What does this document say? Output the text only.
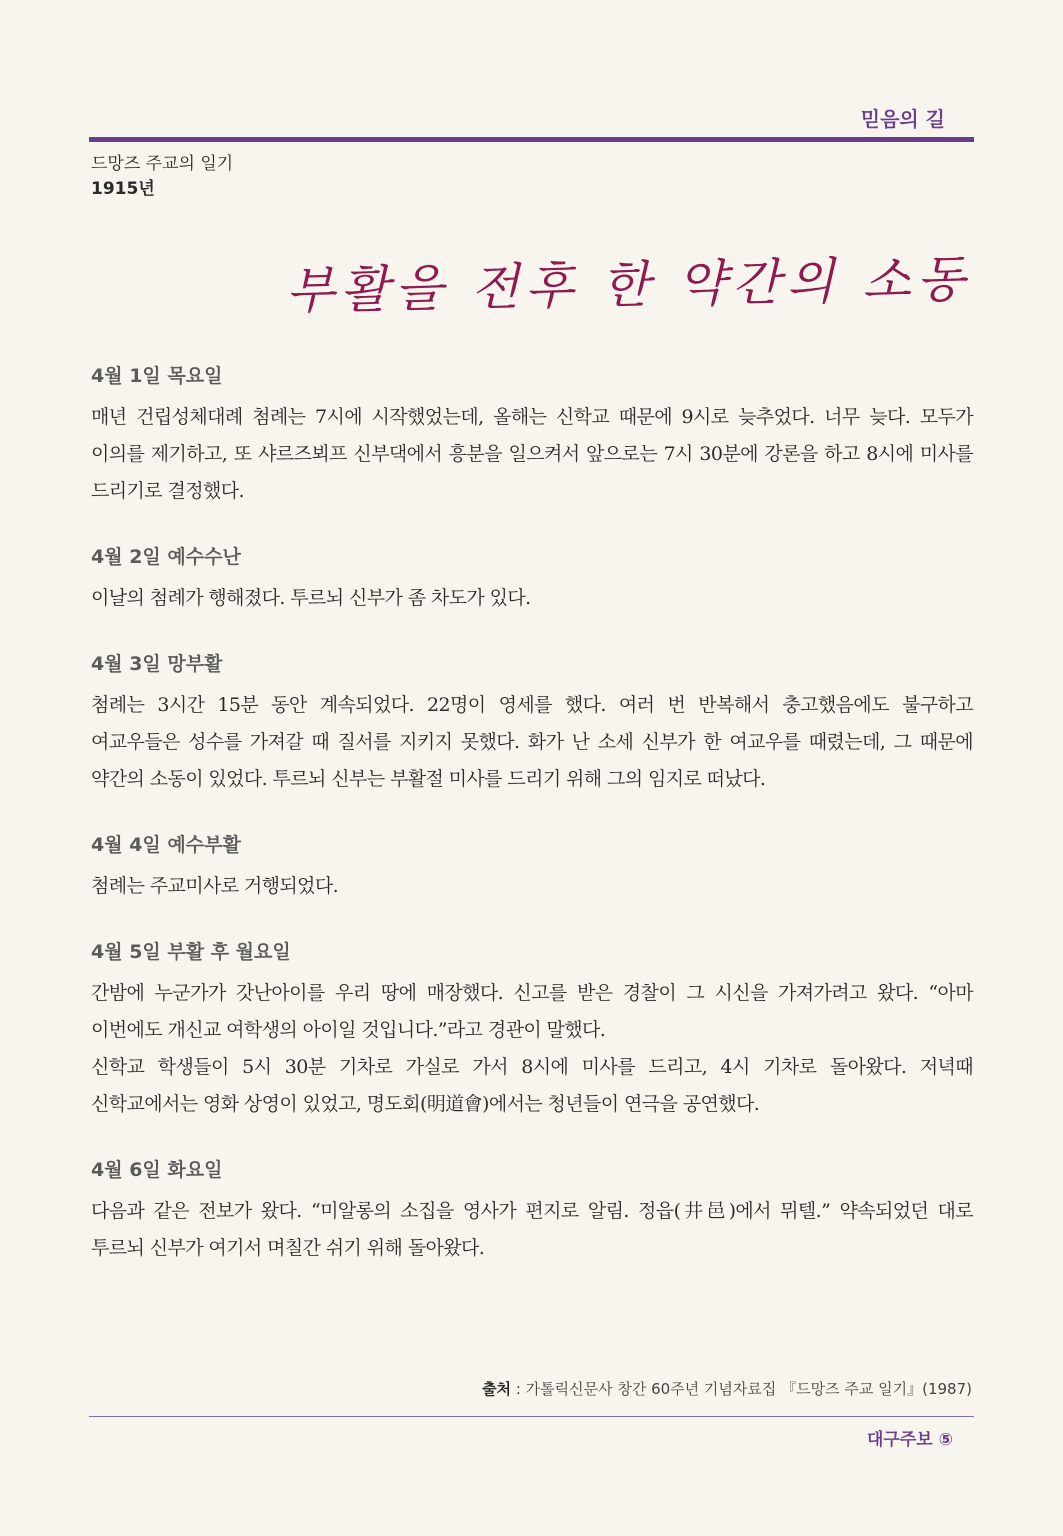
믿음의 길
드망즈 주교의 일기
1915년
부활을 전후 한 약간의 소동
4월 1일 목요일

매년 건립성체대례 첨례는 7시에 시작했었는데, 올해는 신학교 때문에 9시로 늦추었다. 너무 늦다. 모두가 이의를 제기하고, 또 샤르즈뵈프 신부댁에서 흥분을 일으켜서 앞으로는 7시 30분에 강론을 하고 8시에 미사를 드리기로 결정했다.

4월 2일 예수수난

이날의 첨례가 행해졌다. 투르뇌 신부가 좀 차도가 있다.

4월 3일 망부활

첨례는 3시간 15분 동안 계속되었다. 22명이 영세를 했다. 여러 번 반복해서 충고했음에도 불구하고 여교우들은 성수를 가져갈 때 질서를 지키지 못했다. 화가 난 소세 신부가 한 여교우를 때렸는데, 그 때문에 약간의 소동이 있었다. 투르뇌 신부는 부활절 미사를 드리기 위해 그의 임지로 떠났다.

4월 4일 예수부활

첨례는 주교미사로 거행되었다.

4월 5일 부활 후 월요일

간밤에 누군가가 갓난아이를 우리 땅에 매장했다. 신고를 받은 경찰이 그 시신을 가져가려고 왔다. “아마 이번에도 개신교 여학생의 아이일 것입니다.”라고 경관이 말했다.

신학교 학생들이 5시 30분 기차로 가실로 가서 8시에 미사를 드리고, 4시 기차로 돌아왔다. 저녁때 신학교에서는 영화 상영이 있었고, 명도회(明道會)에서는 청년들이 연극을 공연했다.

4월 6일 화요일

다음과 같은 전보가 왔다. “미알롱의 소집을 영사가 편지로 알림. 정읍(井邑)에서 뮈텔.” 약속되었던 대로 투르뇌 신부가 여기서 며칠간 쉬기 위해 돌아왔다.

출처 : 가톨릭신문사 창간 60주년 기념자료집 『드망즈 주교 일기』(1987)
대구주보 ⑤
